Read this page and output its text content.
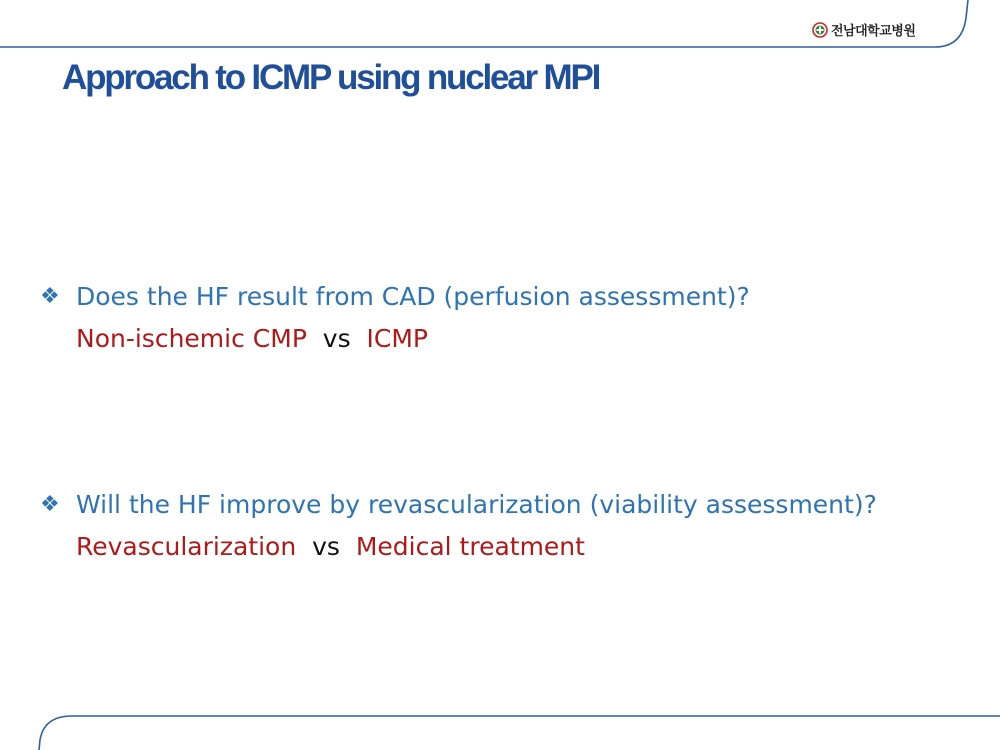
전남대학교병원
Approach to ICMP using nuclear MPI
❖ Does the HF result from CAD (perfusion assessment)?
Non-ischemic CMP  vs  ICMP
❖ Will the HF improve by revascularization (viability assessment)?
Revascularization  vs  Medical treatment
